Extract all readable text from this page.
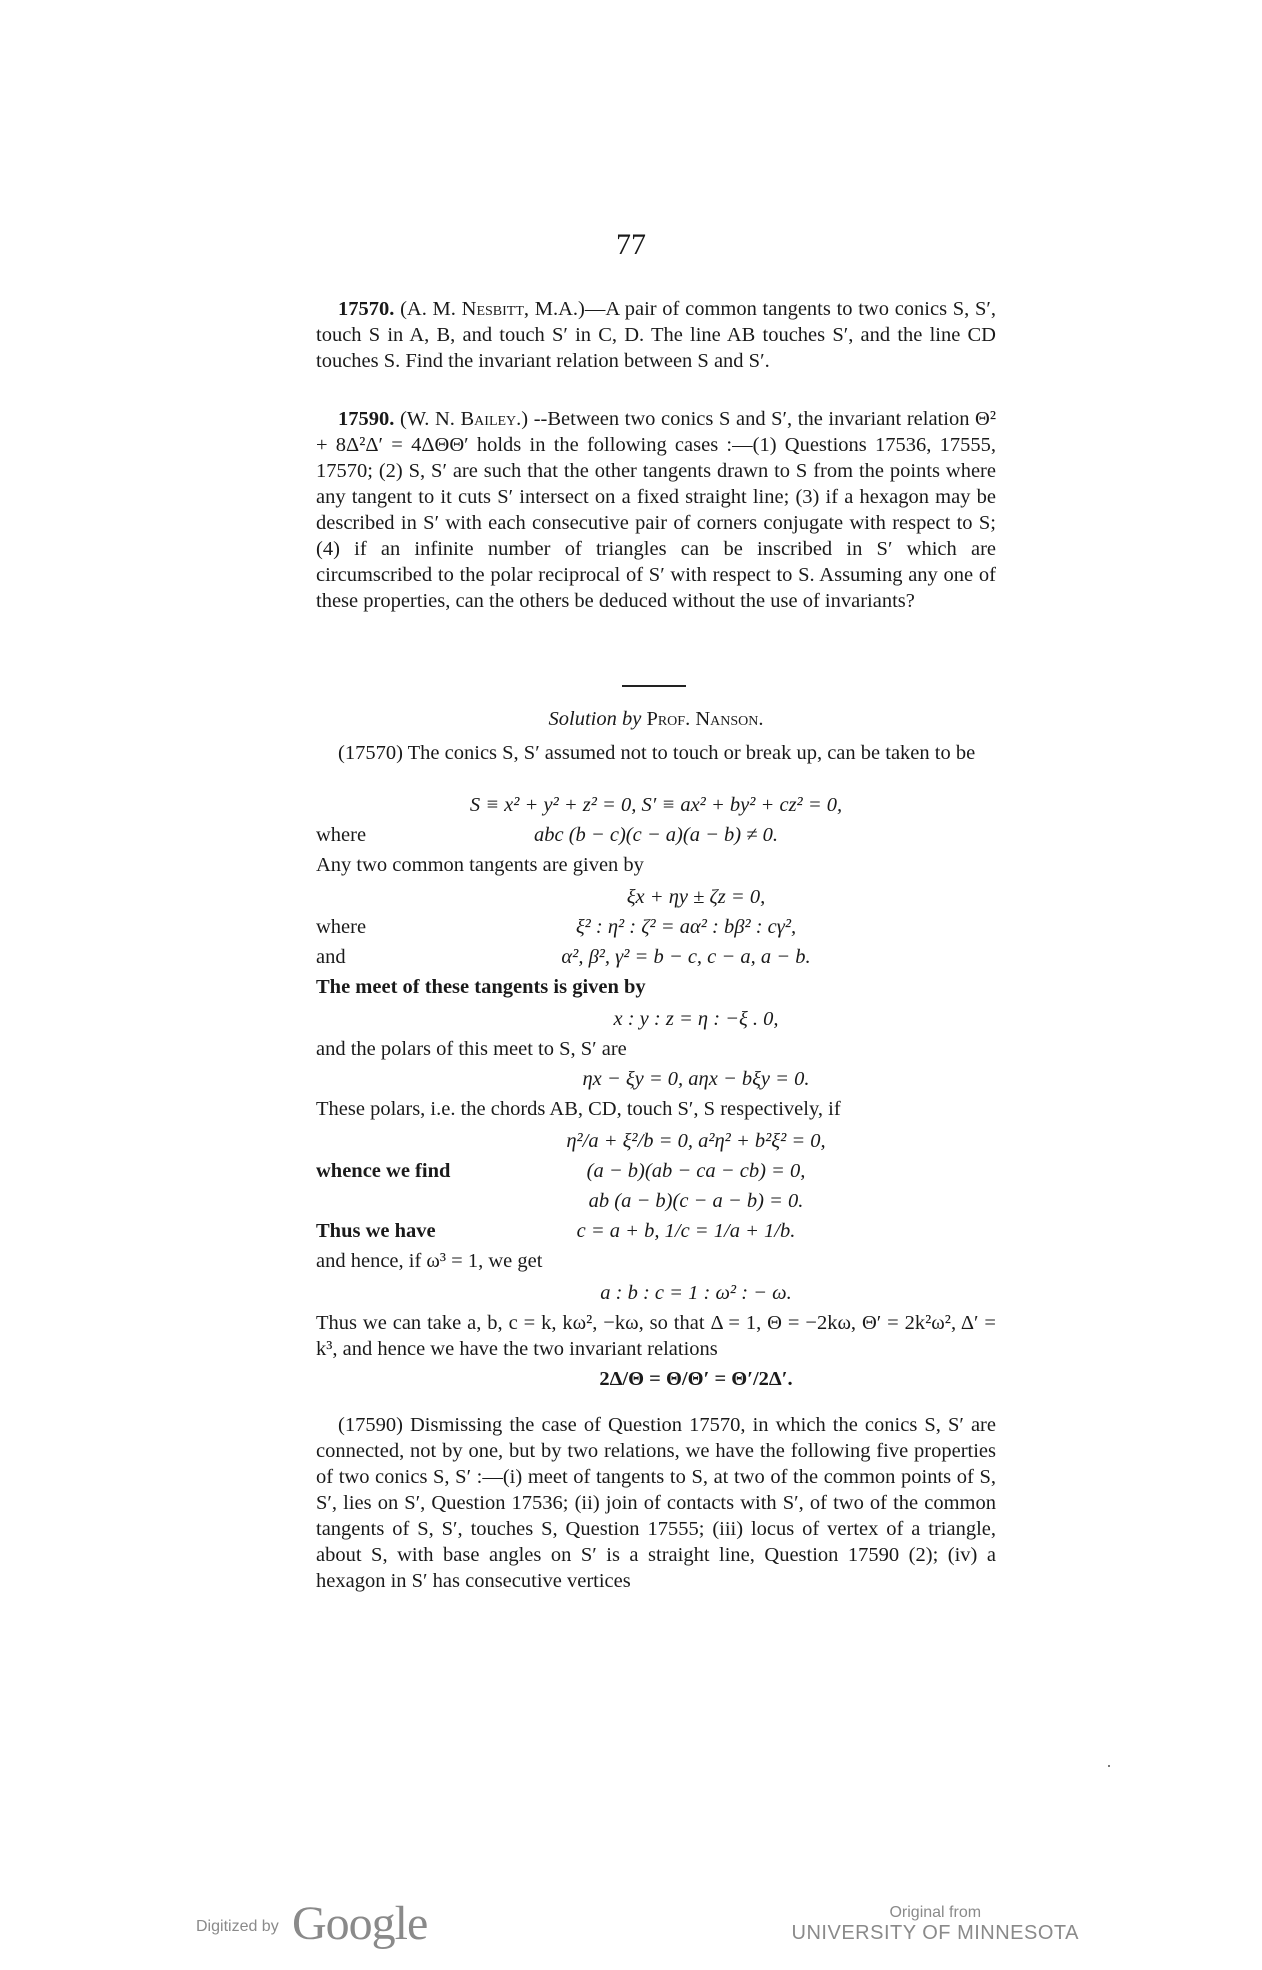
77
17570. (A. M. Nesbitt, M.A.)—A pair of common tangents to two conics S, S′, touch S in A, B, and touch S′ in C, D. The line AB touches S′, and the line CD touches S. Find the invariant relation between S and S′.
17590. (W. N. Bailey.) --Between two conics S and S′, the invariant relation Θ² + 8Δ²Δ′ = 4ΔΘΘ′ holds in the following cases :—(1) Questions 17536, 17555, 17570; (2) S, S′ are such that the other tangents drawn to S from the points where any tangent to it cuts S′ intersect on a fixed straight line; (3) if a hexagon may be described in S′ with each consecutive pair of corners conjugate with respect to S; (4) if an infinite number of triangles can be inscribed in S′ which are circumscribed to the polar reciprocal of S′ with respect to S. Assuming any one of these properties, can the others be deduced without the use of invariants?
Solution by Prof. Nanson.
(17570) The conics S, S′ assumed not to touch or break up, can be taken to be
S ≡ x² + y² + z² = 0, S′ ≡ ax² + by² + cz² = 0,
where	abc (b − c)(c − a)(a − b) ≠ 0.
Any two common tangents are given by
ξx + ηy ± ζz = 0,
where	ξ² : η² : ζ² = aα² : bβ² : cγ²,
and	α², β², γ² = b − c, c − a, a − b.
The meet of these tangents is given by
x : y : z = η : −ξ . 0,
and the polars of this meet to S, S′ are
ηx − ξy = 0, aηx − bξy = 0.
These polars, i.e. the chords AB, CD, touch S′, S respectively, if
η²/a + ξ²/b = 0, a²η² + b²ξ² = 0,
whence we find	(a − b)(ab − ca − cb) = 0,
ab (a − b)(c − a − b) = 0.
Thus we have	c = a + b, 1/c = 1/a + 1/b.
and hence, if ω³ = 1, we get
a : b : c = 1 : ω² : − ω.
Thus we can take a, b, c = k, kω², −kω, so that Δ = 1, Θ = −2kω, Θ′ = 2k²ω², Δ′ = k³, and hence we have the two invariant relations
2Δ/Θ = Θ/Θ′ = Θ′/2Δ′.
(17590) Dismissing the case of Question 17570, in which the conics S, S′ are connected, not by one, but by two relations, we have the following five properties of two conics S, S′ :—(i) meet of tangents to S, at two of the common points of S, S′, lies on S′, Question 17536; (ii) join of contacts with S′, of two of the common tangents of S, S′, touches S, Question 17555; (iii) locus of vertex of a triangle, about S, with base angles on S′ is a straight line, Question 17590 (2); (iv) a hexagon in S′ has consecutive vertices
Digitized by Google	Original from
UNIVERSITY OF MINNESOTA
